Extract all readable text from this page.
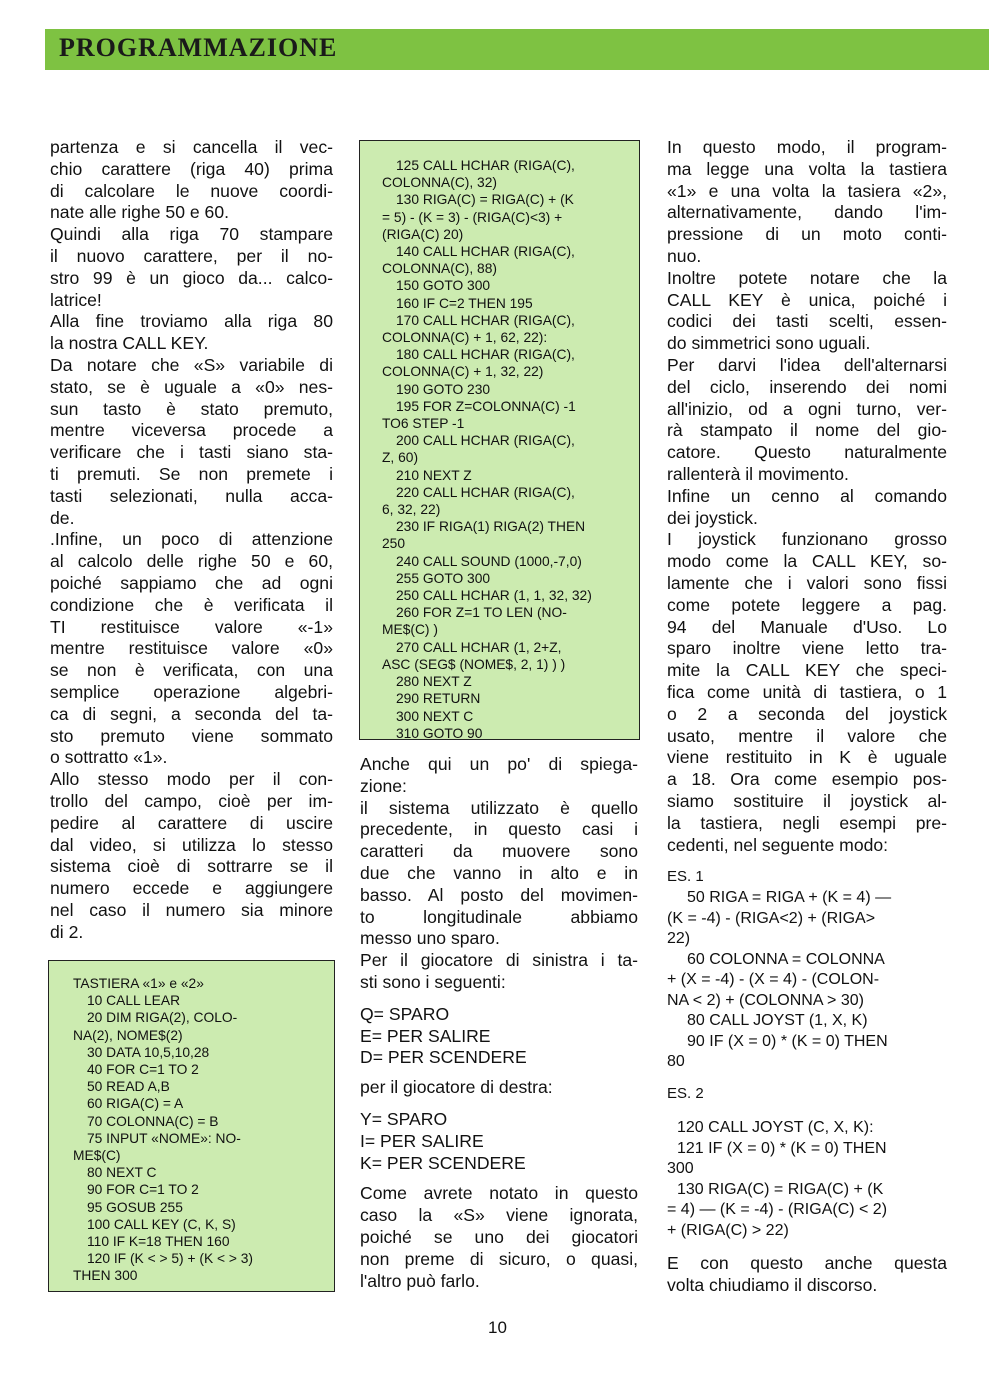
PROGRAMMAZIONE
partenza e si cancella il vec-
chio carattere (riga 40) prima
di calcolare le nuove coordi-
nate alle righe 50 e 60.
Quindi alla riga 70 stampare
il nuovo carattere, per il no-
stro 99 è un gioco da... calco-
latrice!
Alla fine troviamo alla riga 80
la nostra CALL KEY.
Da notare che «S» variabile di
stato, se è uguale a «0» nes-
sun tasto è stato premuto,
mentre viceversa procede a
verificare che i tasti siano sta-
ti premuti. Se non premete i
tasti selezionati, nulla acca-
de.
.Infine, un poco di attenzione
al calcolo delle righe 50 e 60,
poiché sappiamo che ad ogni
condizione che è verificata il
TI restituisce valore «-1»
mentre restituisce valore «0»
se non è verificata, con una
semplice operazione algebri-
ca di segni, a seconda del ta-
sto premuto viene sommato
o sottratto «1».
Allo stesso modo per il con-
trollo del campo, cioè per im-
pedire al carattere di uscire
dal video, si utilizza lo stesso
sistema cioè di sottrarre se il
numero eccede e aggiungere
nel caso il numero sia minore
di 2.
TASTIERA «1» e «2»
10 CALL LEAR
20 DIM RIGA(2), COLO-
NA(2), NOME$(2)
30 DATA 10,5,10,28
40 FOR C=1 TO 2
50 READ A,B
60 RIGA(C) = A
70 COLONNA(C) = B
75 INPUT «NOME»: NO-
ME$(C)
80 NEXT C
90 FOR C=1 TO 2
95 GOSUB 255
100 CALL KEY (C, K, S)
110 IF K=18 THEN 160
120 IF (K < > 5) + (K < > 3)
THEN 300
125 CALL HCHAR (RIGA(C),
COLONNA(C), 32)
130 RIGA(C) = RIGA(C) + (K
= 5) - (K = 3) - (RIGA(C)<3) +
(RIGA(C) 20)
140 CALL HCHAR (RIGA(C),
COLONNA(C), 88)
150 GOTO 300
160 IF C=2 THEN 195
170 CALL HCHAR (RIGA(C),
COLONNA(C) + 1, 62, 22):
180 CALL HCHAR (RIGA(C),
COLONNA(C) + 1, 32, 22)
190 GOTO 230
195 FOR Z=COLONNA(C) -1
TO6 STEP -1
200 CALL HCHAR (RIGA(C),
Z, 60)
210 NEXT Z
220 CALL HCHAR (RIGA(C),
6, 32, 22)
230 IF RIGA(1) RIGA(2) THEN
250
240 CALL SOUND (1000,-7,0)
255 GOTO 300
250 CALL HCHAR (1, 1, 32, 32)
260 FOR Z=1 TO LEN (NO-
ME$(C) )
270 CALL HCHAR (1, 2+Z,
ASC (SEG$ (NOME$, 2, 1) ) )
280 NEXT Z
290 RETURN
300 NEXT C
310 GOTO 90
Anche qui un po' di spiega-
zione:
il sistema utilizzato è quello
precedente, in questo casi i
caratteri da muovere sono
due che vanno in alto e in
basso. Al posto del movimen-
to longitudinale abbiamo
messo uno sparo.
Per il giocatore di sinistra i ta-
sti sono i seguenti:
Q= SPARO
E= PER SALIRE
D= PER SCENDERE
per il giocatore di destra:
Y= SPARO
I= PER SALIRE
K= PER SCENDERE
Come avrete notato in questo
caso la «S» viene ignorata,
poiché se uno dei giocatori
non preme di sicuro, o quasi,
l'altro può farlo.
In questo modo, il program-
ma legge una volta la tastiera
«1» e una volta la tasiera «2»,
alternativamente, dando l'im-
pressione di un moto conti-
nuo.
Inoltre potete notare che la
CALL KEY è unica, poiché i
codici dei tasti scelti, essen-
do simmetrici sono uguali.
Per darvi l'idea dell'alternarsi
del ciclo, inserendo dei nomi
all'inizio, od a ogni turno, ver-
rà stampato il nome del gio-
catore. Questo naturalmente
rallenterà il movimento.
Infine un cenno al comando
dei joystick.
I joystick funzionano grosso
modo come la CALL KEY, so-
lamente che i valori sono fissi
come potete leggere a pag.
94 del Manuale d'Uso. Lo
sparo inoltre viene letto tra-
mite la CALL KEY che speci-
fica come unità di tastiera, o 1
o 2 a seconda del joystick
usato, mentre il valore che
viene restituito in K è uguale
a 18. Ora come esempio pos-
siamo sostituire il joystick al-
la tastiera, negli esempi pre-
cedenti, nel seguente modo:
ES. 1
50 RIGA = RIGA + (K = 4) —
(K = -4) - (RIGA<2) + (RIGA>
22)
60 COLONNA = COLONNA
+ (X = -4) - (X = 4) - (COLON-
NA < 2) + (COLONNA > 30)
80 CALL JOYST (1, X, K)
90 IF (X = 0) * (K = 0) THEN
80
ES. 2
120 CALL JOYST (C, X, K):
121 IF (X = 0) * (K = 0) THEN
300
130 RIGA(C) = RIGA(C) + (K
= 4) — (K = -4) - (RIGA(C) < 2)
+ (RIGA(C) > 22)
E con questo anche questa
volta chiudiamo il discorso.
10
